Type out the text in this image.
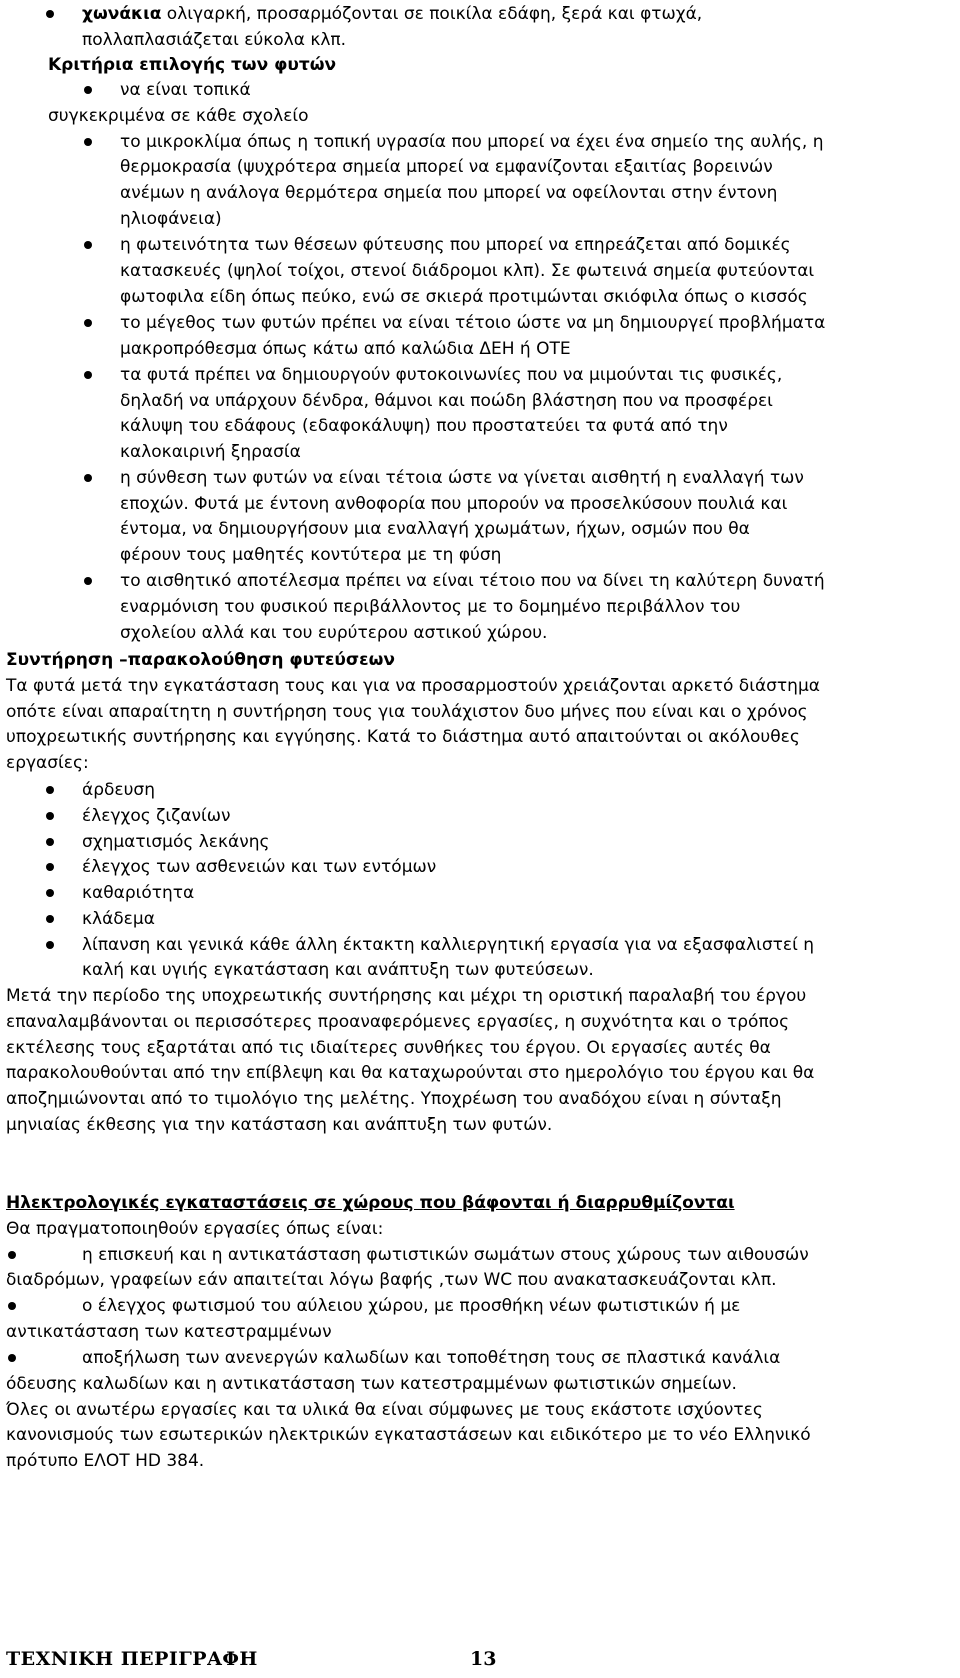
χωνάκια ολιγαρκή, προσαρμόζονται σε ποικίλα εδάφη, ξερά και φτωχά,
πολλαπλασιάζεται εύκολα κλπ.
Κριτήρια επιλογής των φυτών
να είναι τοπικά
συγκεκριμένα σε κάθε σχολείο
το μικροκλίμα όπως η τοπική υγρασία που μπορεί να έχει ένα σημείο της αυλής, η
θερμοκρασία (ψυχρότερα σημεία μπορεί να εμφανίζονται εξαιτίας βορεινών
ανέμων η ανάλογα θερμότερα σημεία που μπορεί να οφείλονται στην έντονη
ηλιοφάνεια)
η φωτεινότητα των θέσεων φύτευσης που μπορεί να επηρεάζεται από δομικές
κατασκευές (ψηλοί τοίχοι, στενοί διάδρομοι κλπ). Σε φωτεινά σημεία φυτεύονται
φωτοφιλα είδη όπως πεύκο, ενώ σε σκιερά προτιμώνται σκιόφιλα όπως ο κισσός
το μέγεθος των φυτών πρέπει να είναι τέτοιο ώστε να μη δημιουργεί προβλήματα
μακροπρόθεσμα όπως κάτω από καλώδια ΔΕΗ ή ΟΤΕ
τα φυτά πρέπει να δημιουργούν φυτοκοινωνίες που να μιμούνται τις φυσικές,
δηλαδή να υπάρχουν δένδρα, θάμνοι και ποώδη βλάστηση που να προσφέρει
κάλυψη του εδάφους (εδαφοκάλυψη) που προστατεύει τα φυτά από την
καλοκαιρινή ξηρασία
η σύνθεση των φυτών να είναι τέτοια ώστε να γίνεται αισθητή η εναλλαγή των
εποχών. Φυτά με έντονη ανθοφορία που μπορούν να προσελκύσουν πουλιά και
έντομα, να δημιουργήσουν μια εναλλαγή χρωμάτων, ήχων, οσμών που θα
φέρουν τους μαθητές κοντύτερα με τη φύση
το αισθητικό αποτέλεσμα πρέπει να είναι τέτοιο που να δίνει τη καλύτερη δυνατή
εναρμόνιση του φυσικού περιβάλλοντος με το δομημένο περιβάλλον του
σχολείου αλλά και του ευρύτερου αστικού χώρου.
Συντήρηση –παρακολούθηση φυτεύσεων
Τα φυτά μετά την εγκατάσταση τους και για να προσαρμοστούν χρειάζονται αρκετό διάστημα
οπότε είναι απαραίτητη η συντήρηση τους για τουλάχιστον δυο μήνες που είναι και ο χρόνος
υποχρεωτικής συντήρησης και εγγύησης. Κατά το διάστημα αυτό απαιτούνται οι ακόλουθες
εργασίες:
άρδευση
έλεγχος ζιζανίων
σχηματισμός λεκάνης
έλεγχος των ασθενειών και των εντόμων
καθαριότητα
κλάδεμα
λίπανση και γενικά κάθε άλλη έκτακτη καλλιεργητική εργασία για να εξασφαλιστεί η
καλή και υγιής εγκατάσταση και ανάπτυξη των φυτεύσεων.
Μετά την περίοδο της υποχρεωτικής συντήρησης και μέχρι τη οριστική παραλαβή του έργου
επαναλαμβάνονται οι περισσότερες προαναφερόμενες εργασίες, η συχνότητα και ο τρόπος
εκτέλεσης τους εξαρτάται από τις ιδιαίτερες συνθήκες του έργου. Οι εργασίες αυτές θα
παρακολουθούνται από την επίβλεψη και θα καταχωρούνται στο ημερολόγιο του έργου και θα
αποζημιώνονται από το τιμολόγιο της μελέτης. Υποχρέωση του αναδόχου είναι η σύνταξη
μηνιαίας έκθεσης για την κατάσταση και ανάπτυξη των φυτών.
Ηλεκτρολογικές εγκαταστάσεις σε χώρους που βάφονται ή διαρρυθμίζονται
Θα πραγματοποιηθούν εργασίες όπως είναι:
η επισκευή και η αντικατάσταση φωτιστικών σωμάτων στους χώρους των αιθουσών
διαδρόμων, γραφείων εάν απαιτείται λόγω βαφής ,των WC που ανακατασκευάζονται κλπ.
ο έλεγχος φωτισμού του αύλειου χώρου, με προσθήκη νέων φωτιστικών ή με
αντικατάσταση των κατεστραμμένων
αποξήλωση των ανενεργών καλωδίων και τοποθέτηση τους σε πλαστικά κανάλια
όδευσης καλωδίων και η αντικατάσταση των κατεστραμμένων φωτιστικών σημείων.
Όλες οι ανωτέρω εργασίες και τα υλικά θα είναι σύμφωνες με τους εκάστοτε ισχύοντες
κανονισμούς των εσωτερικών ηλεκτρικών εγκαταστάσεων και ειδικότερο με το νέο Ελληνικό
πρότυπο ΕΛΟΤ HD 384.
ΤΕΧΝΙΚΗ ΠΕΡΙΓΡΑΦΗ	13
